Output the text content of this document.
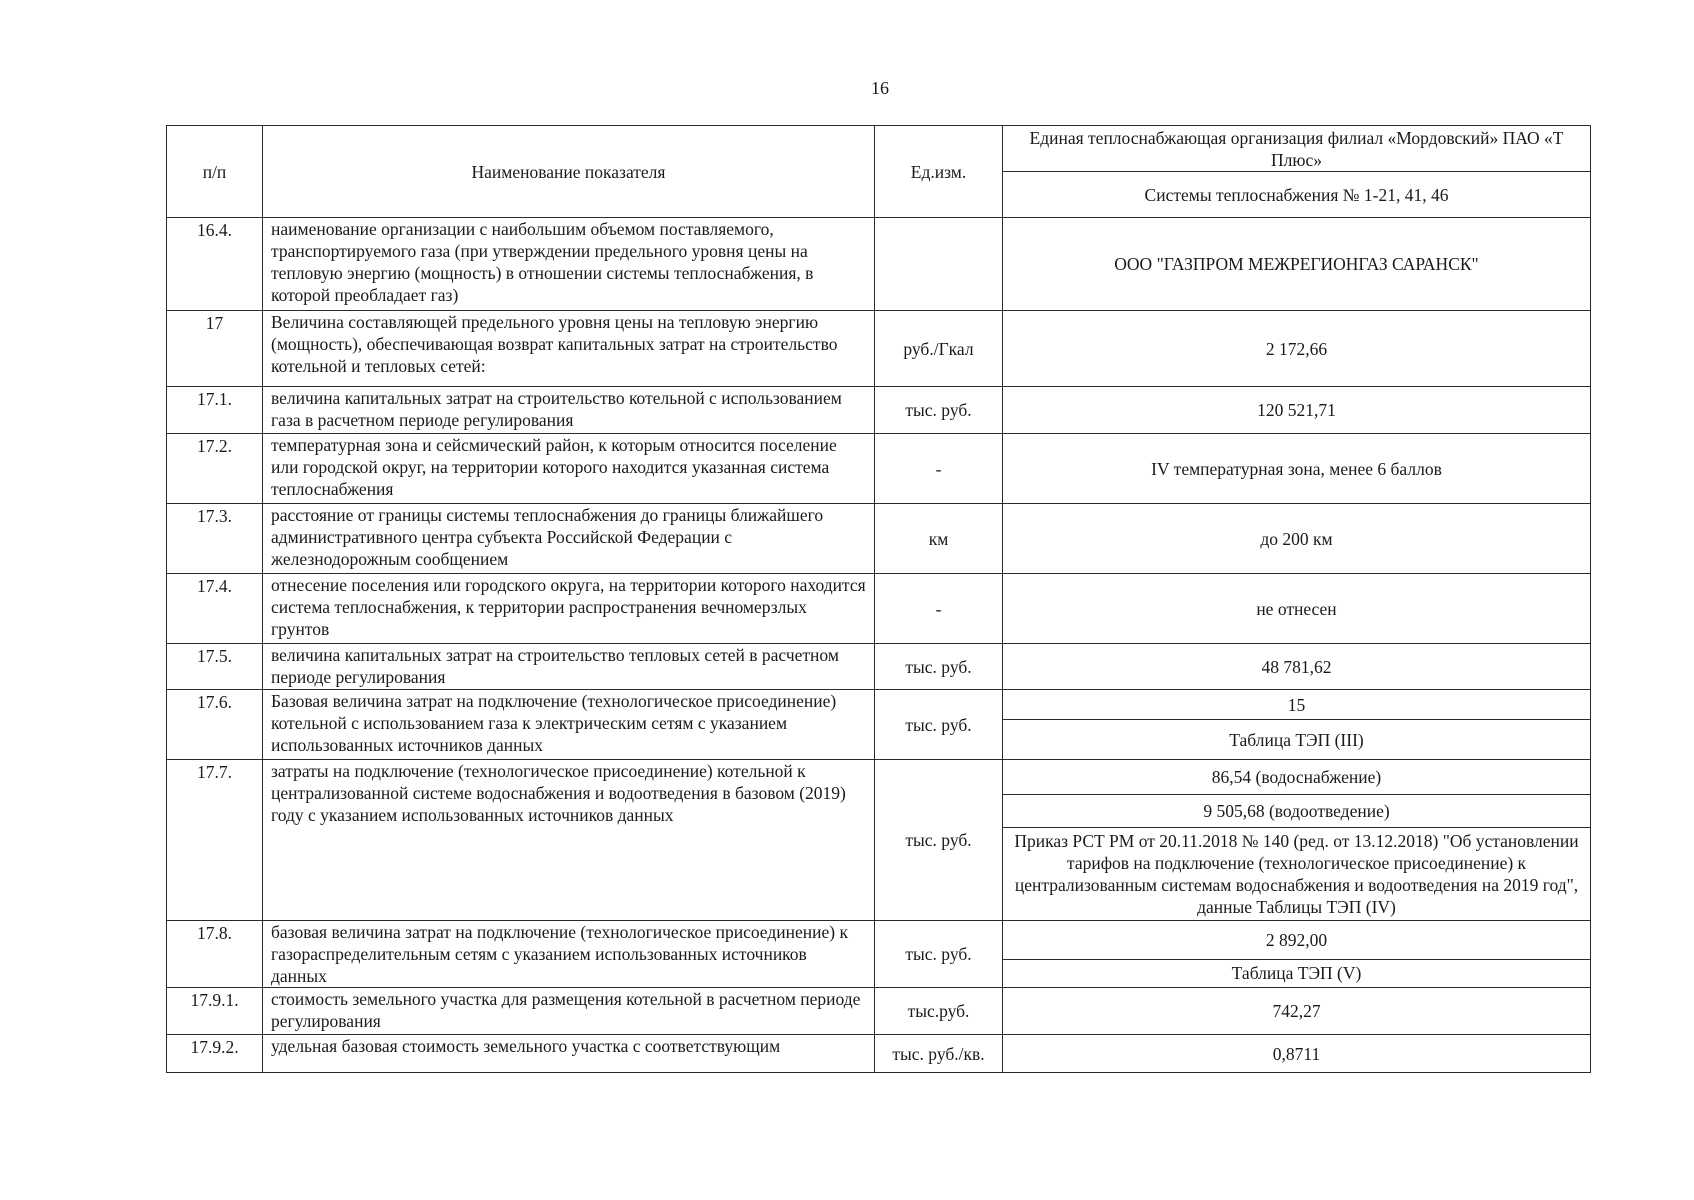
16
п/п	Наименование показателя	Ед.изм.	Единая теплоснабжающая организация филиал «Мордовский» ПАО «Т Плюс»
			Системы теплоснабжения № 1-21, 41, 46
16.4.	наименование организации с наибольшим объемом поставляемого, транспортируемого газа (при утверждении предельного уровня цены на тепловую энергию (мощность) в отношении системы теплоснабжения, в которой преобладает газ)		ООО "ГАЗПРОМ МЕЖРЕГИОНГАЗ САРАНСК"
17	Величина составляющей предельного уровня цены на тепловую энергию (мощность), обеспечивающая возврат капитальных затрат на строительство котельной и тепловых сетей:	руб./Гкал	2 172,66
17.1.	величина капитальных затрат на строительство котельной с использованием газа в расчетном периоде регулирования	тыс. руб.	120 521,71
17.2.	температурная зона и сейсмический район, к которым относится поселение или городской округ, на территории которого находится указанная система теплоснабжения	-	IV температурная зона, менее 6 баллов
17.3.	расстояние от границы системы теплоснабжения до границы ближайшего административного центра субъекта Российской Федерации с железнодорожным сообщением	км	до 200 км
17.4.	отнесение поселения или городского округа, на территории которого находится система теплоснабжения, к территории распространения вечномерзлых грунтов	-	не отнесен
17.5.	величина капитальных затрат на строительство тепловых сетей в расчетном периоде регулирования	тыс. руб.	48 781,62
17.6.	Базовая величина затрат на подключение (технологическое присоединение) котельной с использованием газа к электрическим сетям с указанием использованных источников данных	тыс. руб.	15
			Таблица ТЭП (III)
17.7.	затраты на подключение (технологическое присоединение) котельной к централизованной системе водоснабжения и водоотведения в базовом (2019) году с указанием использованных источников данных	тыс. руб.	86,54 (водоснабжение)
			9 505,68 (водоотведение)
			Приказ РСТ РМ от 20.11.2018 № 140 (ред. от 13.12.2018) "Об установлении тарифов на подключение (технологическое присоединение) к централизованным системам водоснабжения и водоотведения на 2019 год", данные Таблицы ТЭП (IV)
17.8.	базовая величина затрат на подключение (технологическое присоединение) к газораспределительным сетям с указанием использованных источников данных	тыс. руб.	2 892,00
			Таблица ТЭП (V)
17.9.1.	стоимость земельного участка для размещения котельной в расчетном периоде регулирования	тыс.руб.	742,27
17.9.2.	удельная базовая стоимость земельного участка с соответствующим	тыс. руб./кв.	0,8711
